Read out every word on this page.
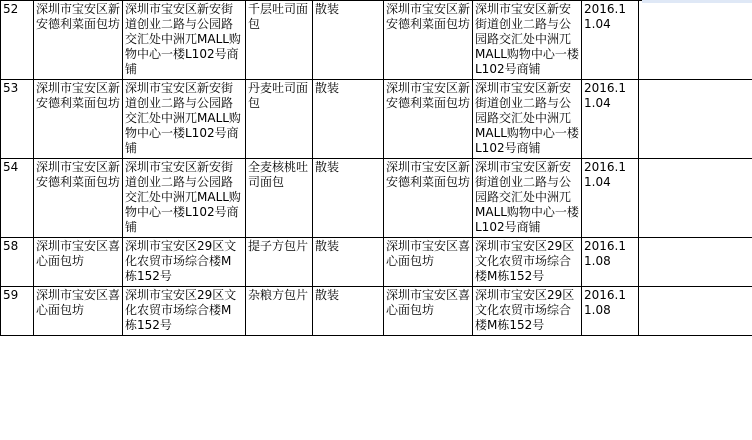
52	深圳市宝安区新安德利菜面包坊	深圳市宝安区新安街道创业二路与公园路交汇处中洲兀MALL购物中心一楼L102号商铺	千层吐司面包	散装	深圳市宝安区新安德利菜面包坊	深圳市宝安区新安街道创业二路与公园路交汇处中洲兀MALL购物中心一楼L102号商铺	2016.11.04	
53	深圳市宝安区新安德利菜面包坊	深圳市宝安区新安街道创业二路与公园路交汇处中洲兀MALL购物中心一楼L102号商铺	丹麦吐司面包	散装	深圳市宝安区新安德利菜面包坊	深圳市宝安区新安街道创业二路与公园路交汇处中洲兀MALL购物中心一楼L102号商铺	2016.11.04	
54	深圳市宝安区新安德利菜面包坊	深圳市宝安区新安街道创业二路与公园路交汇处中洲兀MALL购物中心一楼L102号商铺	全麦核桃吐司面包	散装	深圳市宝安区新安德利菜面包坊	深圳市宝安区新安街道创业二路与公园路交汇处中洲兀MALL购物中心一楼L102号商铺	2016.11.04	
58	深圳市宝安区喜心面包坊	深圳市宝安区29区文化农贸市场综合楼M栋152号	提子方包片	散装	深圳市宝安区喜心面包坊	深圳市宝安区29区文化农贸市场综合楼M栋152号	2016.11.08	
59	深圳市宝安区喜心面包坊	深圳市宝安区29区文化农贸市场综合楼M栋152号	杂粮方包片	散装	深圳市宝安区喜心面包坊	深圳市宝安区29区文化农贸市场综合楼M栋152号	2016.11.08	
